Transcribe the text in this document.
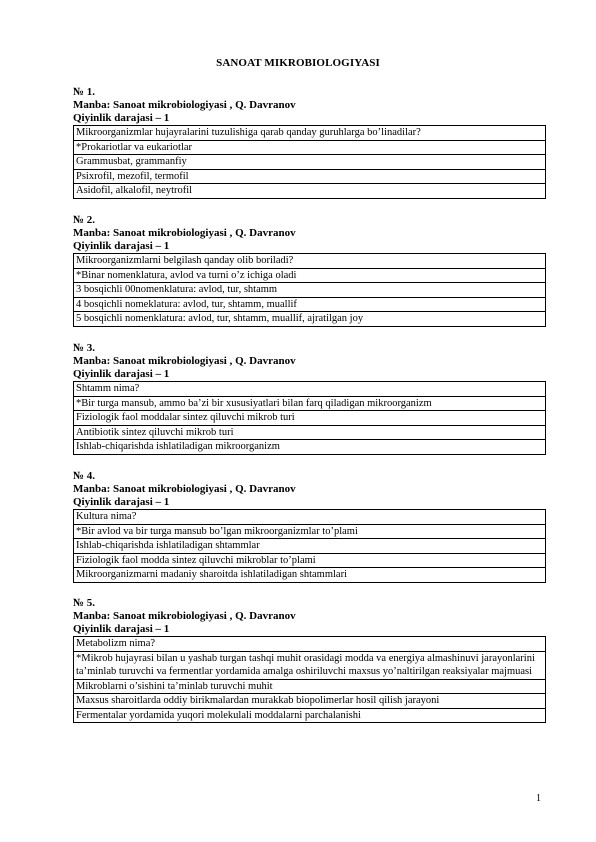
SANOAT MIKROBIOLOGIYASI
№ 1.
Manba: Sanoat mikrobiologiyasi , Q. Davranov
Qiyinlik darajasi – 1
Mikroorganizmlar hujayralarini tuzulishiga qarab qanday guruhlarga bo’linadilar?
*Prokariotlar va eukariotlar
Grammusbat, grammanfiy
Psixrofil, mezofil, termofil
Asidofil, alkalofil, neytrofil
№ 2.
Manba: Sanoat mikrobiologiyasi , Q. Davranov
Qiyinlik darajasi – 1
Mikroorganizmlarni belgilash qanday olib boriladi?
*Binar nomenklatura, avlod va turni o’z ichiga oladi
3 bosqichli 00nomenklatura: avlod, tur, shtamm
4 bosqichli nomeklatura: avlod, tur, shtamm, muallif
5 bosqichli nomenklatura: avlod, tur, shtamm, muallif, ajratilgan joy
№ 3.
Manba: Sanoat mikrobiologiyasi , Q. Davranov
Qiyinlik darajasi – 1
Shtamm nima?
*Bir turga mansub, ammo ba’zi bir xususiyatlari bilan farq qiladigan mikroorganizm
Fiziologik faol moddalar sintez qiluvchi mikrob turi
Antibiotik sintez qiluvchi mikrob turi
Ishlab-chiqarishda ishlatiladigan mikroorganizm
№ 4.
Manba: Sanoat mikrobiologiyasi , Q. Davranov
Qiyinlik darajasi – 1
Kultura nima?
*Bir avlod va bir turga mansub bo’lgan mikroorganizmlar to’plami
Ishlab-chiqarishda ishlatiladigan shtammlar
Fiziologik faol modda sintez qiluvchi mikroblar to’plami
Mikroorganizmarni madaniy sharoitda ishlatiladigan shtammlari
№ 5.
Manba: Sanoat mikrobiologiyasi , Q. Davranov
Qiyinlik darajasi – 1
Metabolizm nima?
*Mikrob hujayrasi bilan u yashab turgan tashqi muhit orasidagi modda va energiya almashinuvi jarayonlarini ta’minlab turuvchi va fermentlar yordamida amalga oshiriluvchi maxsus yo’naltirilgan reaksiyalar majmuasi
Mikroblarni o’sishini ta’minlab turuvchi muhit
Maxsus sharoitlarda oddiy birikmalardan murakkab biopolimerlar hosil qilish jarayoni
Fermentalar yordamida yuqori molekulali moddalarni parchalanishi
1
